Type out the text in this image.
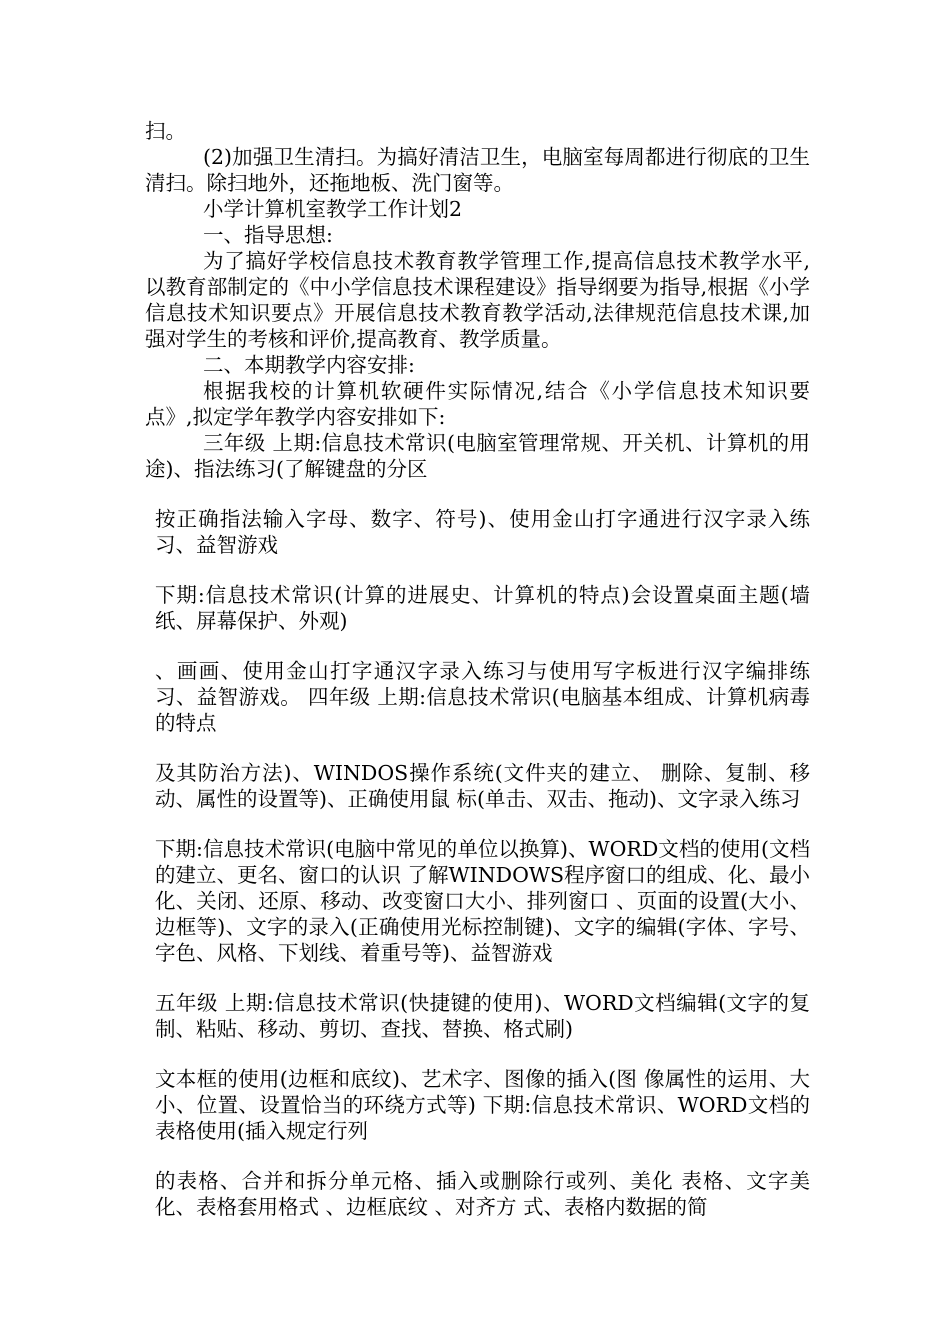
扫。

(2)加强卫生清扫。为搞好清洁卫生，电脑室每周都进行彻底的卫生清扫。除扫地外，还拖地板、洗门窗等。

小学计算机室教学工作计划2

一、指导思想:

为了搞好学校信息技术教育教学管理工作,提高信息技术教学水平,以教育部制定的《中小学信息技术课程建设》指导纲要为指导,根据《小学信息技术知识要点》开展信息技术教育教学活动,法律规范信息技术课,加强对学生的考核和评价,提高教育、教学质量。

二、本期教学内容安排:

根据我校的计算机软硬件实际情况,结合《小学信息技术知识要点》,拟定学年教学内容安排如下:

三年级 上期:信息技术常识(电脑室管理常规、开关机、计算机的用途)、指法练习(了解键盘的分区

按正确指法输入字母、数字、符号)、使用金山打字通进行汉字录入练习、益智游戏

下期:信息技术常识(计算的进展史、计算机的特点)会设置桌面主题(墙纸、屏幕保护、外观)

、画画、使用金山打字通汉字录入练习与使用写字板进行汉字编排练习、益智游戏。 四年级 上期:信息技术常识(电脑基本组成、计算机病毒的特点

及其防治方法)、WINDOS操作系统(文件夹的建立、 删除、复制、移动、属性的设置等)、正确使用鼠 标(单击、双击、拖动)、文字录入练习

下期:信息技术常识(电脑中常见的单位以换算)、WORD文档的使用(文档的建立、更名、窗口的认识 了解WINDOWS程序窗口的组成、化、最小化、关闭、还原、移动、改变窗口大小、排列窗口 、页面的设置(大小、边框等)、文字的录入(正确使用光标控制键)、文字的编辑(字体、字号、字色、风格、下划线、着重号等)、益智游戏

五年级 上期:信息技术常识(快捷键的使用)、WORD文档编辑(文字的复制、粘贴、移动、剪切、查找、替换、格式刷)

文本框的使用(边框和底纹)、艺术字、图像的插入(图 像属性的运用、大小、位置、设置恰当的环绕方式等) 下期:信息技术常识、WORD文档的表格使用(插入规定行列

的表格、合并和拆分单元格、插入或删除行或列、美化 表格、文字美化、表格套用格式 、边框底纹 、对齐方 式、表格内数据的简
